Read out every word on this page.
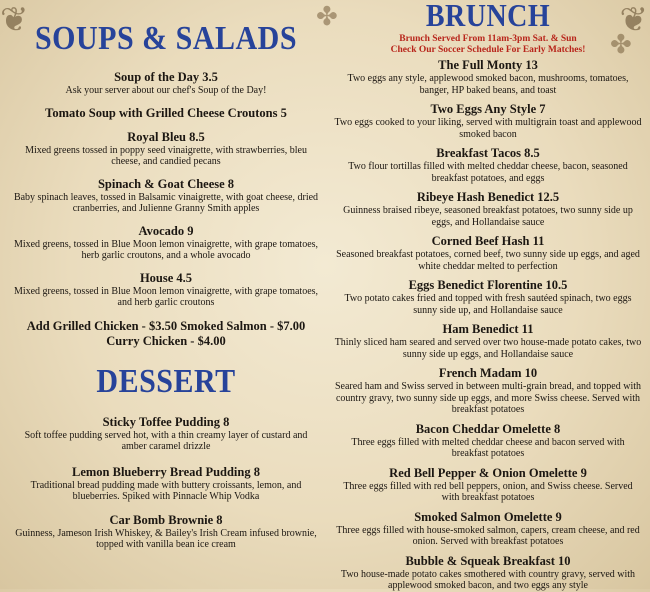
❦	❦
✤
✤
SOUPS & SALADS
Soup of the Day 3.5
Ask your server about our chef's Soup of the Day!
Tomato Soup with Grilled Cheese Croutons 5
Royal Bleu 8.5
Mixed greens tossed in poppy seed vinaigrette, with strawberries, bleu cheese, and candied pecans
Spinach & Goat Cheese 8
Baby spinach leaves, tossed in Balsamic vinaigrette, with goat cheese, dried cranberries, and Julienne Granny Smith apples
Avocado 9
Mixed greens, tossed in Blue Moon lemon vinaigrette, with grape tomatoes, herb garlic croutons, and a whole avocado
House 4.5
Mixed greens, tossed in Blue Moon lemon vinaigrette, with grape tomatoes, and herb garlic croutons
Add Grilled Chicken - $3.50 Smoked Salmon - $7.00
Curry Chicken - $4.00
DESSERT
Sticky Toffee Pudding 8
Soft toffee pudding served hot, with a thin creamy layer of custard and amber caramel drizzle
Lemon Blueberry Bread Pudding 8
Traditional bread pudding made with buttery croissants, lemon, and blueberries. Spiked with Pinnacle Whip Vodka
Car Bomb Brownie 8
Guinness, Jameson Irish Whiskey, & Bailey's Irish Cream infused brownie, topped with vanilla bean ice cream
BRUNCH
Brunch Served From 11am-3pm Sat. & Sun
Check Our Soccer Schedule For Early Matches!
The Full Monty 13
Two eggs any style, applewood smoked bacon, mushrooms, tomatoes, banger, HP baked beans, and toast
Two Eggs Any Style 7
Two eggs cooked to your liking, served with multigrain toast and applewood smoked bacon
Breakfast Tacos 8.5
Two flour tortillas filled with melted cheddar cheese, bacon, seasoned breakfast potatoes, and eggs
Ribeye Hash Benedict 12.5
Guinness braised ribeye, seasoned breakfast potatoes, two sunny side up eggs, and Hollandaise sauce
Corned Beef Hash 11
Seasoned breakfast potatoes, corned beef, two sunny side up eggs, and aged white cheddar melted to perfection
Eggs Benedict Florentine 10.5
Two potato cakes fried and topped with fresh sautéed spinach, two eggs sunny side up, and Hollandaise sauce
Ham Benedict 11
Thinly sliced ham seared and served over two house-made potato cakes, two sunny side up eggs, and Hollandaise sauce
French Madam 10
Seared ham and Swiss served in between multi-grain bread, and topped with country gravy, two sunny side up eggs, and more Swiss cheese. Served with breakfast potatoes
Bacon Cheddar Omelette 8
Three eggs filled with melted cheddar cheese and bacon served with breakfast potatoes
Red Bell Pepper & Onion Omelette 9
Three eggs filled with red bell peppers, onion, and Swiss cheese. Served with breakfast potatoes
Smoked Salmon Omelette 9
Three eggs filled with house-smoked salmon, capers, cream cheese, and red onion. Served with breakfast potatoes
Bubble & Squeak Breakfast 10
Two house-made potato cakes smothered with country gravy, served with applewood smoked bacon, and two eggs any style
